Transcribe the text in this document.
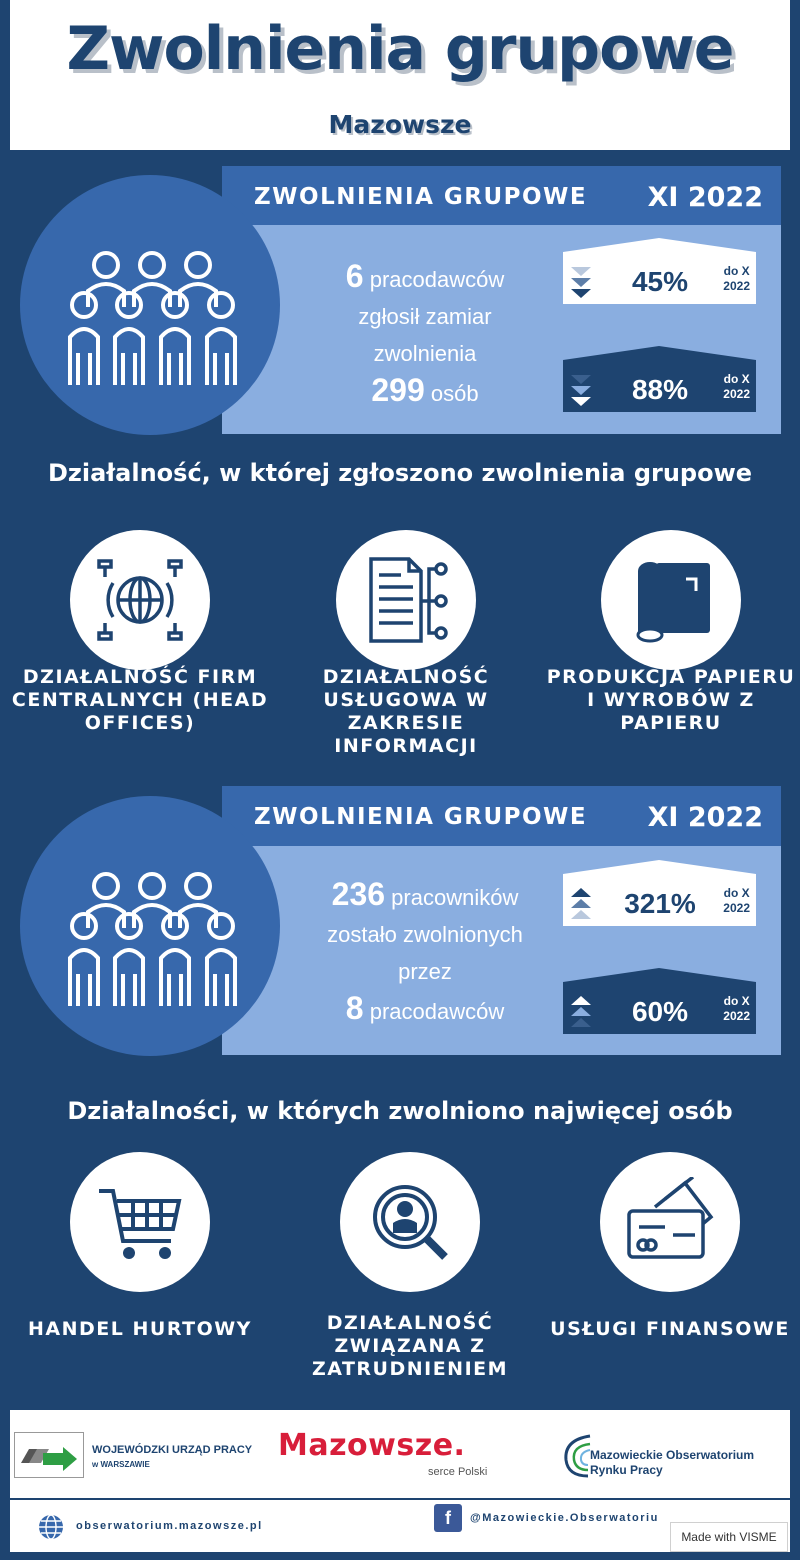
Zwolnienia grupowe
Mazowsze
ZWOLNIENIA GRUPOWE XI 2022
6 pracodawców
zgłosił zamiar
zwolnienia
299 osób
45%	do X
2022
88%	do X
2022
Działalność, w której zgłoszono zwolnienia grupowe
DZIAŁALNOŚĆ FIRM CENTRALNYCH (HEAD OFFICES)
DZIAŁALNOŚĆ USŁUGOWA W ZAKRESIE INFORMACJI
PRODUKCJA PAPIERU I WYROBÓW Z PAPIERU
ZWOLNIENIA GRUPOWE XI 2022
236 pracowników
zostało zwolnionych
przez
8 pracodawców
321%	do X
2022
60%	do X
2022
Działalności, w których zwolniono najwięcej osób
HANDEL HURTOWY	DZIAŁALNOŚĆ ZWIĄZANA Z ZATRUDNIENIEM
USŁUGI FINANSOWE
WOJEWÓDZKI URZĄD PRACY
w WARSZAWIE
Mazowsze.
serce Polski
Mazowieckie Obserwatorium
Rynku Pracy
obserwatorium.mazowsze.pl	f	@Mazowieckie.Obserwatoriu
Made with VISME
